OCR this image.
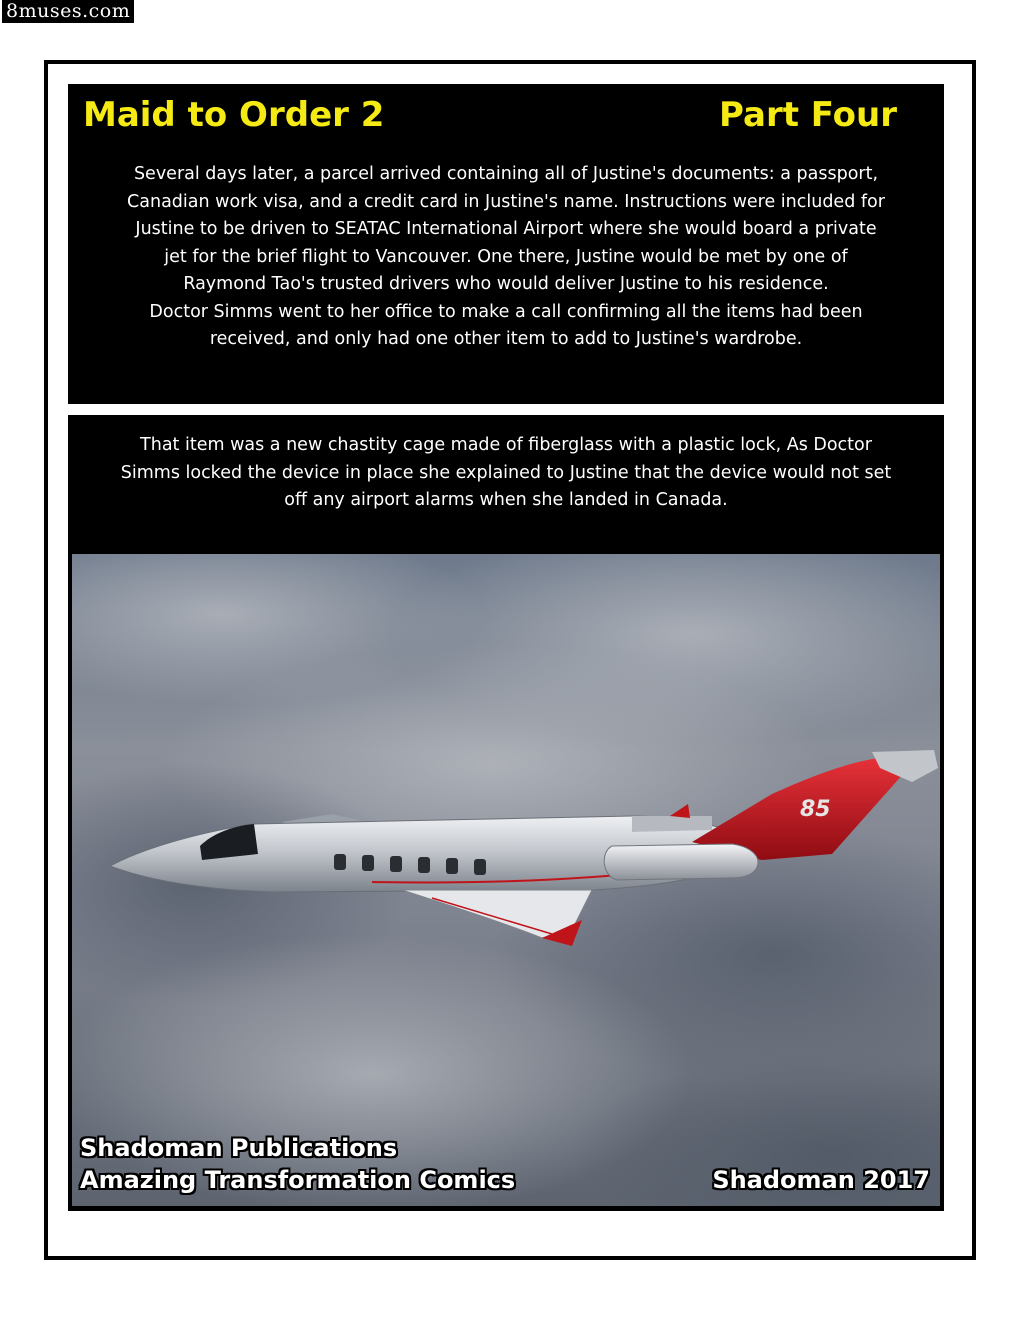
8muses.com
Maid to Order 2	Part Four
Several days later, a parcel arrived containing all of Justine's documents: a passport,
Canadian work visa, and a credit card in Justine's name. Instructions were included for
Justine to be driven to SEATAC International Airport where she would board a private
jet for the brief flight to Vancouver. One there, Justine would be met by one of
Raymond Tao's trusted drivers who would deliver Justine to his residence.
Doctor Simms went to her office to make a call confirming all the items had been
received, and only had one other item to add to Justine's wardrobe.
That item was a new chastity cage made of fiberglass with a plastic lock, As Doctor
Simms locked the device in place she explained to Justine that the device would not set
off any airport alarms when she landed in Canada.
85
Shadoman Publications
Amazing Transformation Comics	Shadoman 2017
